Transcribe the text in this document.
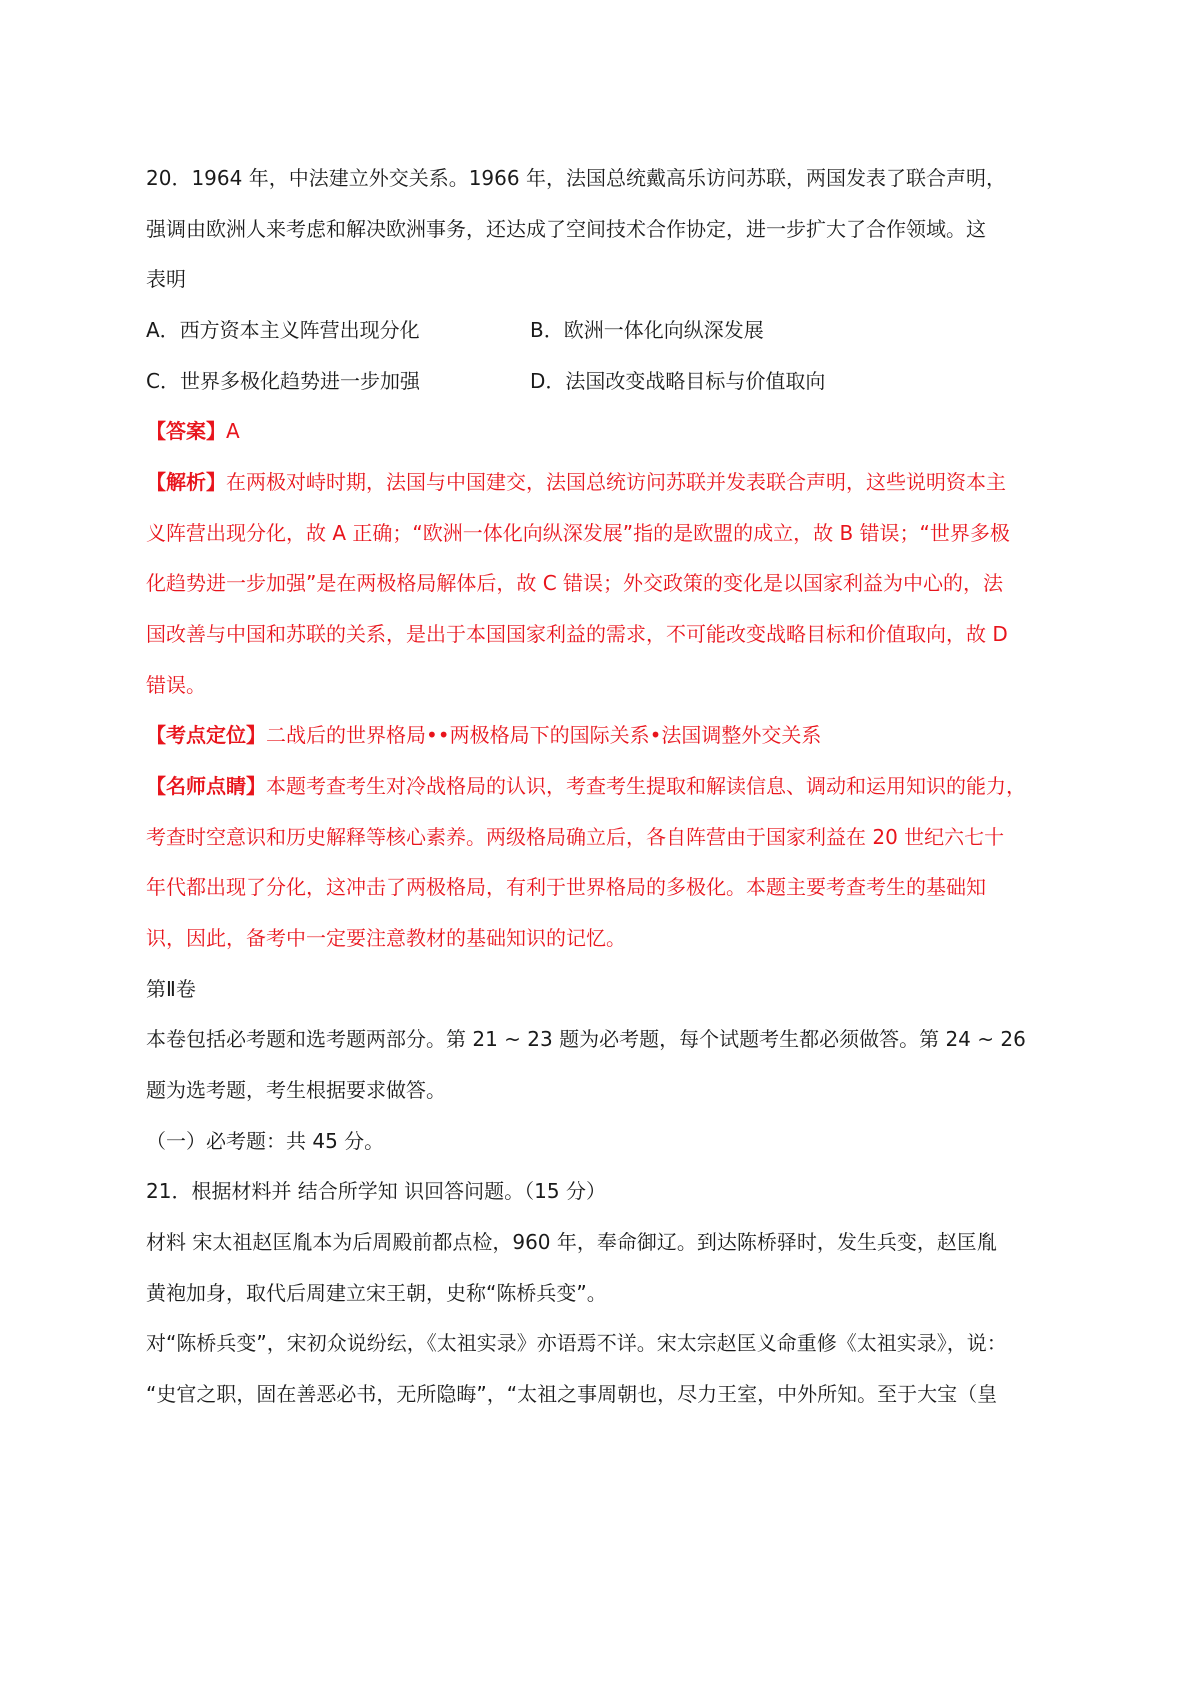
20．1964 年，中法建立外交关系。1966 年，法国总统戴高乐访问苏联，两国发表了联合声明，
强调由欧洲人来考虑和解决欧洲事务，还达成了空间技术合作协定，进一步扩大了合作领域。这
表明
A．西方资本主义阵营出现分化	B．欧洲一体化向纵深发展
C．世界多极化趋势进一步加强	D．法国改变战略目标与价值取向
【答案】A
【解析】在两极对峙时期，法国与中国建交，法国总统访问苏联并发表联合声明，这些说明资本主
义阵营出现分化，故 A 正确；“欧洲一体化向纵深发展”指的是欧盟的成立，故 B 错误；“世界多极
化趋势进一步加强”是在两极格局解体后，故 C 错误；外交政策的变化是以国家利益为中心的，法
国改善与中国和苏联的关系，是出于本国国家利益的需求，不可能改变战略目标和价值取向，故 D
错误。
【考点定位】二战后的世界格局••两极格局下的国际关系•法国调整外交关系
【名师点睛】本题考查考生对冷战格局的认识，考查考生提取和解读信息、调动和运用知识的能力，
考查时空意识和历史解释等核心素养。两级格局确立后，各自阵营由于国家利益在 20 世纪六七十
年代都出现了分化，这冲击了两极格局，有利于世界格局的多极化。本题主要考查考生的基础知
识，因此，备考中一定要注意教材的基础知识的记忆。
第Ⅱ卷
本卷包括必考题和选考题两部分。第 21 ~ 23 题为必考题，每个试题考生都必须做答。第 24 ~ 26
题为选考题，考生根据要求做答。
（一）必考题：共 45 分。
21．根据材料并 结合所学知 识回答问题。（15 分）
材料 宋太祖赵匡胤本为后周殿前都点检，960 年，奉命御辽。到达陈桥驿时，发生兵变，赵匡胤
黄袍加身，取代后周建立宋王朝，史称“陈桥兵变”。
对“陈桥兵变”，宋初众说纷纭，《太祖实录》亦语焉不详。宋太宗赵匡义命重修《太祖实录》，说：
“史官之职，固在善恶必书，无所隐晦”，“太祖之事周朝也，尽力王室，中外所知。至于大宝（皇
